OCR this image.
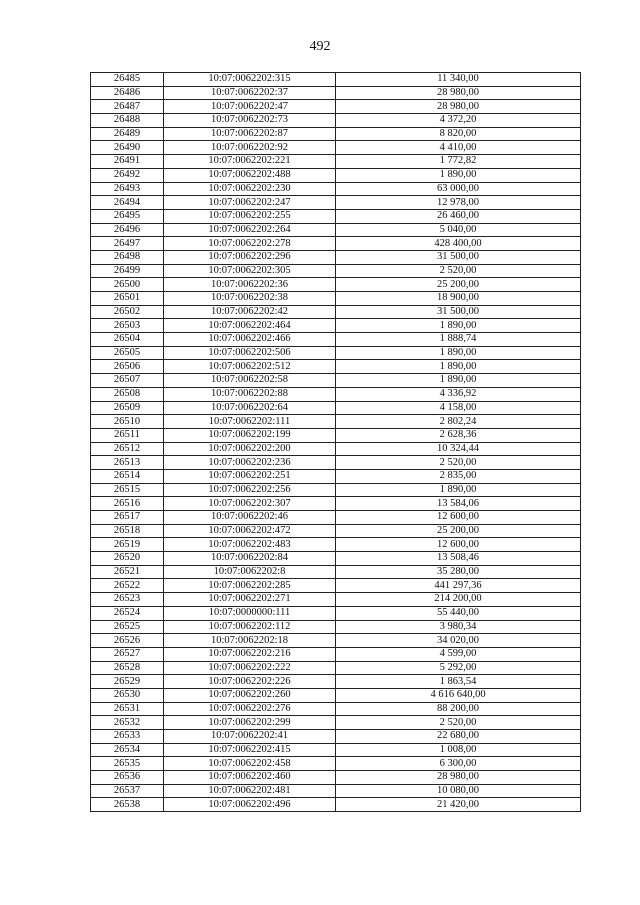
492
26485	10:07:0062202:315	11 340,00
26486	10:07:0062202:37	28 980,00
26487	10:07:0062202:47	28 980,00
26488	10:07:0062202:73	4 372,20
26489	10:07:0062202:87	8 820,00
26490	10:07:0062202:92	4 410,00
26491	10:07:0062202:221	1 772,82
26492	10:07:0062202:488	1 890,00
26493	10:07:0062202:230	63 000,00
26494	10:07:0062202:247	12 978,00
26495	10:07:0062202:255	26 460,00
26496	10:07:0062202:264	5 040,00
26497	10:07:0062202:278	428 400,00
26498	10:07:0062202:296	31 500,00
26499	10:07:0062202:305	2 520,00
26500	10:07:0062202:36	25 200,00
26501	10:07:0062202:38	18 900,00
26502	10:07:0062202:42	31 500,00
26503	10:07:0062202:464	1 890,00
26504	10:07:0062202:466	1 888,74
26505	10:07:0062202:506	1 890,00
26506	10:07:0062202:512	1 890,00
26507	10:07:0062202:58	1 890,00
26508	10:07:0062202:88	4 336,92
26509	10:07:0062202:64	4 158,00
26510	10:07:0062202:111	2 802,24
26511	10:07:0062202:199	2 628,36
26512	10:07:0062202:200	10 324,44
26513	10:07:0062202:236	2 520,00
26514	10:07:0062202:251	2 835,00
26515	10:07:0062202:256	1 890,00
26516	10:07:0062202:307	13 584,06
26517	10:07:0062202:46	12 600,00
26518	10:07:0062202:472	25 200,00
26519	10:07:0062202:483	12 600,00
26520	10:07:0062202:84	13 508,46
26521	10:07:0062202:8	35 280,00
26522	10:07:0062202:285	441 297,36
26523	10:07:0062202:271	214 200,00
26524	10:07:0000000:111	55 440,00
26525	10:07:0062202:112	3 980,34
26526	10:07:0062202:18	34 020,00
26527	10:07:0062202:216	4 599,00
26528	10:07:0062202:222	5 292,00
26529	10:07:0062202:226	1 863,54
26530	10:07:0062202:260	4 616 640,00
26531	10:07:0062202:276	88 200,00
26532	10:07:0062202:299	2 520,00
26533	10:07:0062202:41	22 680,00
26534	10:07:0062202:415	1 008,00
26535	10:07:0062202:458	6 300,00
26536	10:07:0062202:460	28 980,00
26537	10:07:0062202:481	10 080,00
26538	10:07:0062202:496	21 420,00
